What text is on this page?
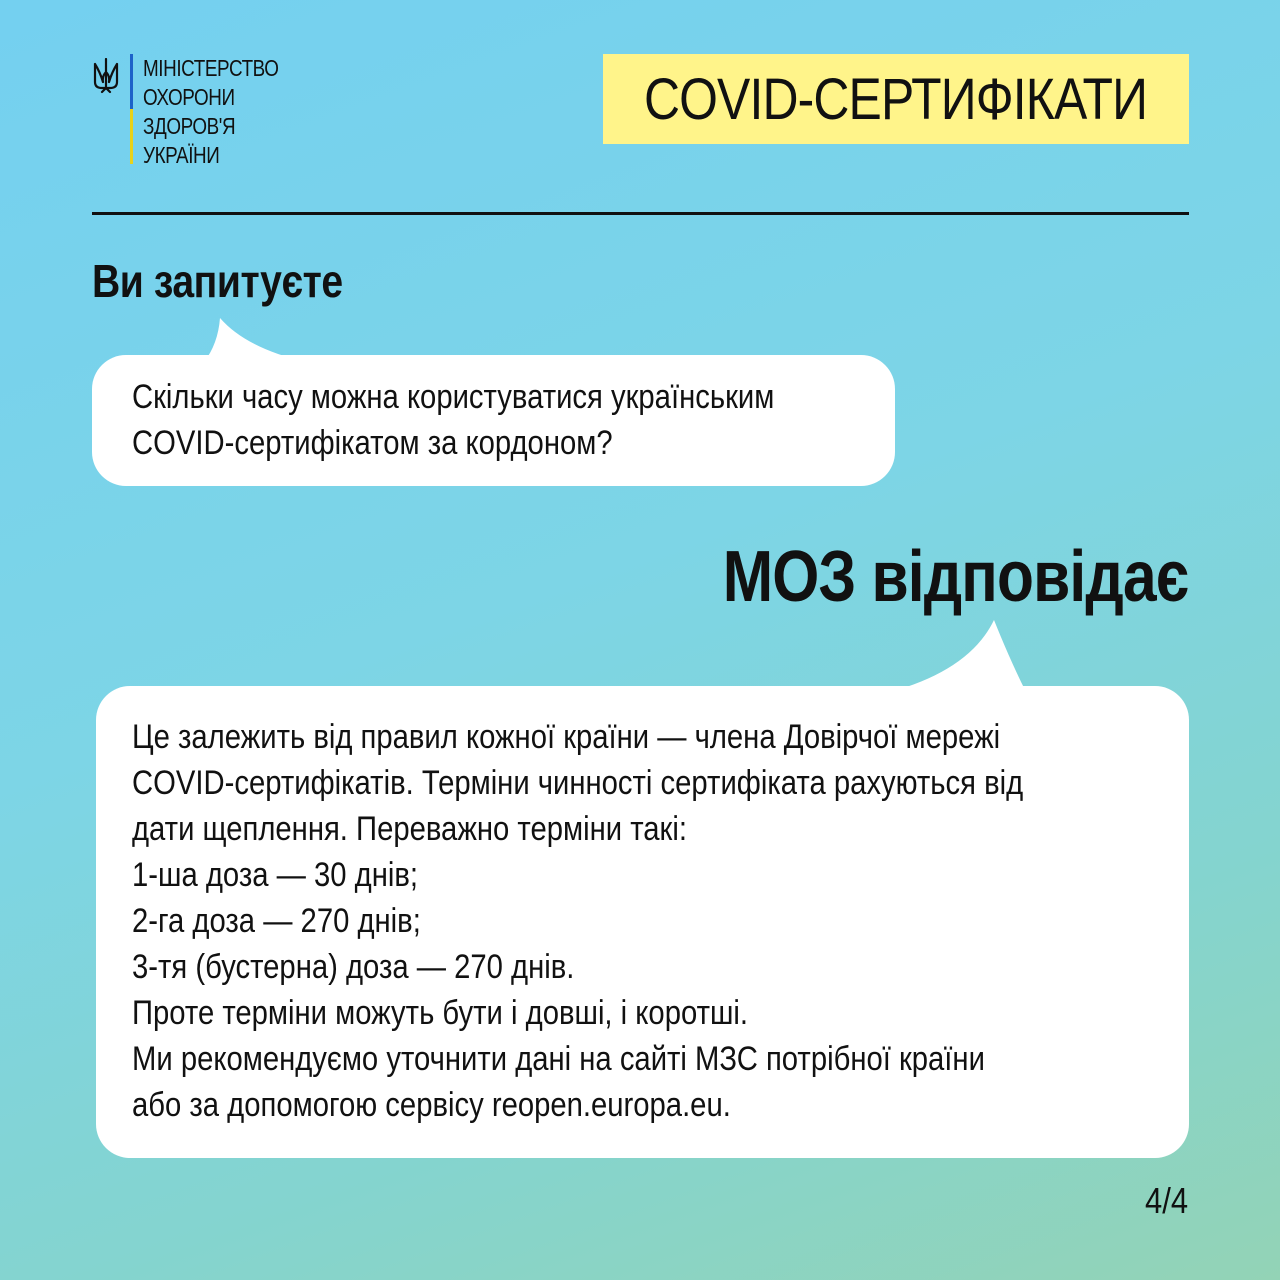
МІНІСТЕРСТВО
ОХОРОНИ
ЗДОРОВ'Я
УКРАЇНИ
COVID-СЕРТИФІКАТИ
Ви запитуєте
Скільки часу можна користуватися українським
COVID-сертифікатом за кордоном?
МОЗ відповідає
Це залежить від правил кожної країни — члена Довірчої мережі
COVID-сертифікатів. Терміни чинності сертифіката рахуються від
дати щеплення. Переважно терміни такі:
1-ша доза — 30 днів;
2-га доза — 270 днів;
3-тя (бустерна) доза — 270 днів.
Проте терміни можуть бути і довші, і коротші.
Ми рекомендуємо уточнити дані на сайті МЗС потрібної країни
або за допомогою сервісу reopen.europa.eu.
4/4
